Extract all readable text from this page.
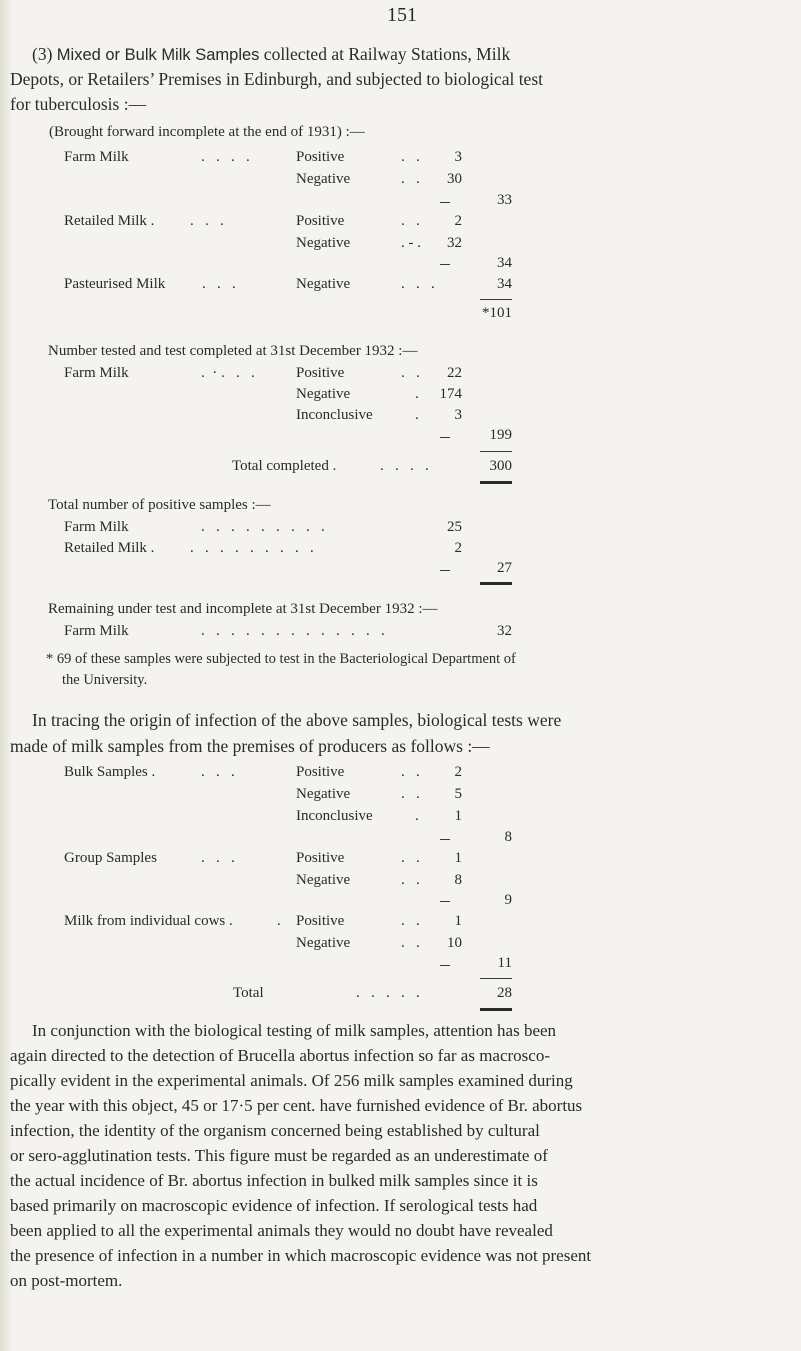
151
(3) Mixed or Bulk Milk Samples collected at Railway Stations, Milk
Depots, or Retailers’ Premises in Edinburgh, and subjected to biological test
for tuberculosis :—
(Brought forward incomplete at the end of 1931) :—
Farm Milk	.   .   .   .	Positive	.   .	3
Negative	.   .	30
33
Retailed Milk . .   .   .	Positive	.   .	2
Negative	. - .	32
34
Pasteurised Milk .   .   .	Negative	.   .   .	34
*101
Number tested and test completed at 31st December 1932 :—
Farm Milk	.  · .   .   .	Positive	.   .	22
Negative	.	174
Inconclusive	.	3
199
Total completed .	.   .   .   .	300
Total number of positive samples :—
Farm Milk	.   .   .   .   .   .   .   .   .	25
Retailed Milk . .   .   .   .   .   .   .   .   .	2
27
Remaining under test and incomplete at 31st December 1932 :—
Farm Milk	.   .   .   .   .   .   .   .   .   .   .   .   .	32
* 69 of these samples were subjected to test in the Bacteriological Department of
the University.
In tracing the origin of infection of the above samples, biological tests were
made of milk samples from the premises of producers as follows :—
Bulk Samples .	.   .   .	Positive	.   .	2
Negative	.   .	5
Inconclusive	.	1
8
Group Samples	.   .   .	Positive	.   .	1
Negative	.   .	8
9
Milk from individual cows .	. Positive	.   .	1
Negative	.   .	10
11
Total	.   .   .   .   .	28
In conjunction with the biological testing of milk samples, attention has been
again directed to the detection of Brucella abortus infection so far as macrosco-
pically evident in the experimental animals. Of 256 milk samples examined during
the year with this object, 45 or 17·5 per cent. have furnished evidence of Br. abortus
infection, the identity of the organism concerned being established by cultural
or sero-agglutination tests. This figure must be regarded as an underestimate of
the actual incidence of Br. abortus infection in bulked milk samples since it is
based primarily on macroscopic evidence of infection. If serological tests had
been applied to all the experimental animals they would no doubt have revealed
the presence of infection in a number in which macroscopic evidence was not present
on post-mortem.
